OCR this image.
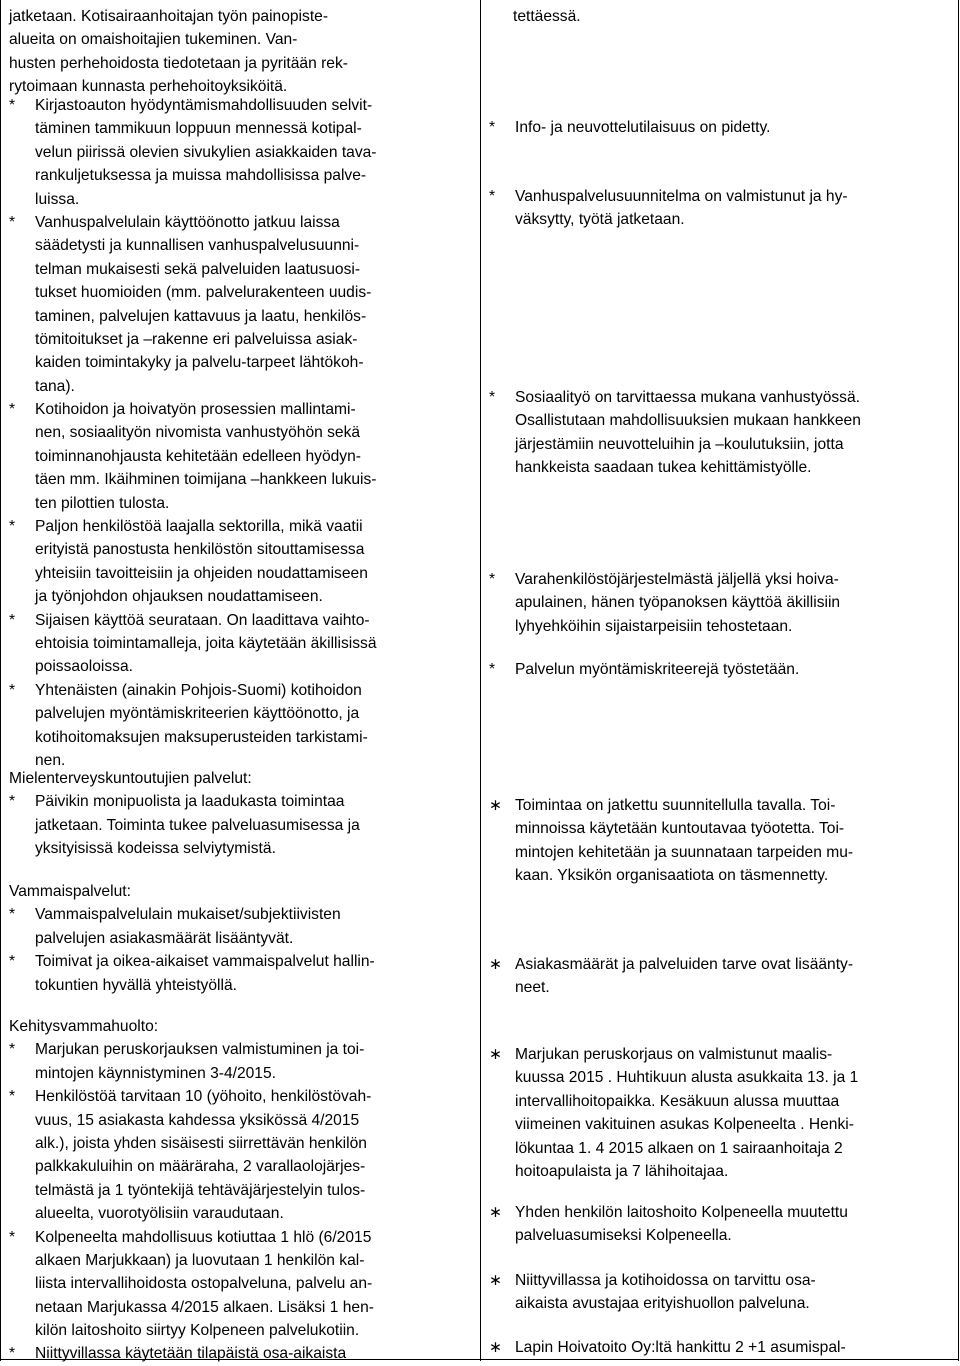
jatketaan. Kotisairaanhoitajan työn painopiste-
alueita on omaishoitajien tukeminen. Van-
husten perhehoidosta tiedotetaan ja pyritään rek-
rytoimaan kunnasta perhehoitoyksiköitä.
* Kirjastoauton hyödyntämismahdollisuuden selvit-
täminen tammikuun loppuun mennessä kotipal-
velun piirissä olevien sivukylien asiakkaiden tava-
rankuljetuksessa ja muissa mahdollisissa palve-
luissa.
* Vanhuspalvelulain käyttöönotto jatkuu laissa
säädetysti ja kunnallisen vanhuspalvelusuunni-
telman mukaisesti sekä palveluiden laatusuosi-
tukset huomioiden (mm. palvelurakenteen uudis-
taminen, palvelujen kattavuus ja laatu, henkilös-
tömitoitukset ja –rakenne eri palveluissa asiak-
kaiden toimintakyky ja palvelu-tarpeet lähtökoh-
tana).
* Kotihoidon ja hoivatyön prosessien mallintami-
nen, sosiaalityön nivomista vanhustyöhön sekä
toiminnanohjausta kehitetään edelleen hyödyn-
täen mm. Ikäihminen toimijana –hankkeen lukuis-
ten pilottien tulosta.
* Paljon henkilöstöä laajalla sektorilla, mikä vaatii
erityistä panostusta henkilöstön sitouttamisessa
yhteisiin tavoitteisiin ja ohjeiden noudattamiseen
ja työnjohdon ohjauksen noudattamiseen.
* Sijaisen käyttöä seurataan. On laadittava vaihto-
ehtoisia toimintamalleja, joita käytetään äkillisissä
poissaoloissa.
* Yhtenäisten (ainakin Pohjois-Suomi) kotihoidon
palvelujen myöntämiskriteerien käyttöönotto, ja
kotihoitomaksujen maksuperusteiden tarkistami-
nen.
Mielenterveyskuntoutujien palvelut:
* Päivikin monipuolista ja laadukasta toimintaa
jatketaan. Toiminta tukee palveluasumisessa ja
yksityisissä kodeissa selviytymistä.
Vammaispalvelut:
* Vammaispalvelulain mukaiset/subjektiivisten
palvelujen asiakasmäärät lisääntyvät.
* Toimivat ja oikea-aikaiset vammaispalvelut hallin-
tokuntien hyvällä yhteistyöllä.
Kehitysvammahuolto:
* Marjukan peruskorjauksen valmistuminen ja toi-
mintojen käynnistyminen 3-4/2015.
* Henkilöstöä tarvitaan 10 (yöhoito, henkilöstövah-
vuus, 15 asiakasta kahdessa yksikössä 4/2015
alk.), joista yhden sisäisesti siirrettävän henkilön
palkkakuluihin on määräraha, 2 varallaolojärjes-
telmästä ja 1 työntekijä tehtäväjärjestelyin tulos-
alueelta, vuorotyölisiin varaudutaan.
* Kolpeneelta mahdollisuus kotiuttaa 1 hlö (6/2015
alkaen Marjukkaan) ja luovutaan 1 henkilön kal-
liista intervallihoidosta ostopalveluna, palvelu an-
netaan Marjukassa 4/2015 alkaen. Lisäksi 1 hen-
kilön laitoshoito siirtyy Kolpeneen palvelukotiin.
* Niittyvillassa käytetään tilapäistä osa-aikaista
tettäessä.
* Info- ja neuvottelutilaisuus on pidetty.
* Vanhuspalvelusuunnitelma on valmistunut ja hy-
väksytty, työtä jatketaan.
* Sosiaalityö on tarvittaessa mukana vanhustyössä.
Osallistutaan mahdollisuuksien mukaan hankkeen
järjestämiin neuvotteluihin ja –koulutuksiin, jotta
hankkeista saadaan tukea kehittämistyölle.
* Varahenkilöstöjärjestelmästä jäljellä yksi hoiva-
apulainen, hänen työpanoksen käyttöä äkillisiin
lyhyehköihin sijaistarpeisiin tehostetaan.
* Palvelun myöntämiskriteerejä työstetään.
∗ Toimintaa on jatkettu suunnitellulla tavalla. Toi-
minnoissa käytetään kuntoutavaa työotetta. Toi-
mintojen kehitetään ja suunnataan tarpeiden mu-
kaan. Yksikön organisaatiota on täsmennetty.
∗ Asiakasmäärät ja palveluiden tarve ovat lisäänty-
neet.
∗ Marjukan peruskorjaus on valmistunut maalis-
kuussa 2015 . Huhtikuun alusta asukkaita 13. ja 1
intervallihoitopaikka. Kesäkuun alussa muuttaa
viimeinen vakituinen asukas Kolpeneelta . Henki-
lökuntaa 1. 4 2015 alkaen on 1 sairaanhoitaja 2
hoitoapulaista ja 7 lähihoitajaa.
∗ Yhden henkilön laitoshoito Kolpeneella muutettu
palveluasumiseksi Kolpeneella.
∗ Niittyvillassa ja kotihoidossa on tarvittu osa-
aikaista avustajaa erityishuollon palveluna.
∗ Lapin Hoivatoito Oy:ltä hankittu 2 +1 asumispal-
